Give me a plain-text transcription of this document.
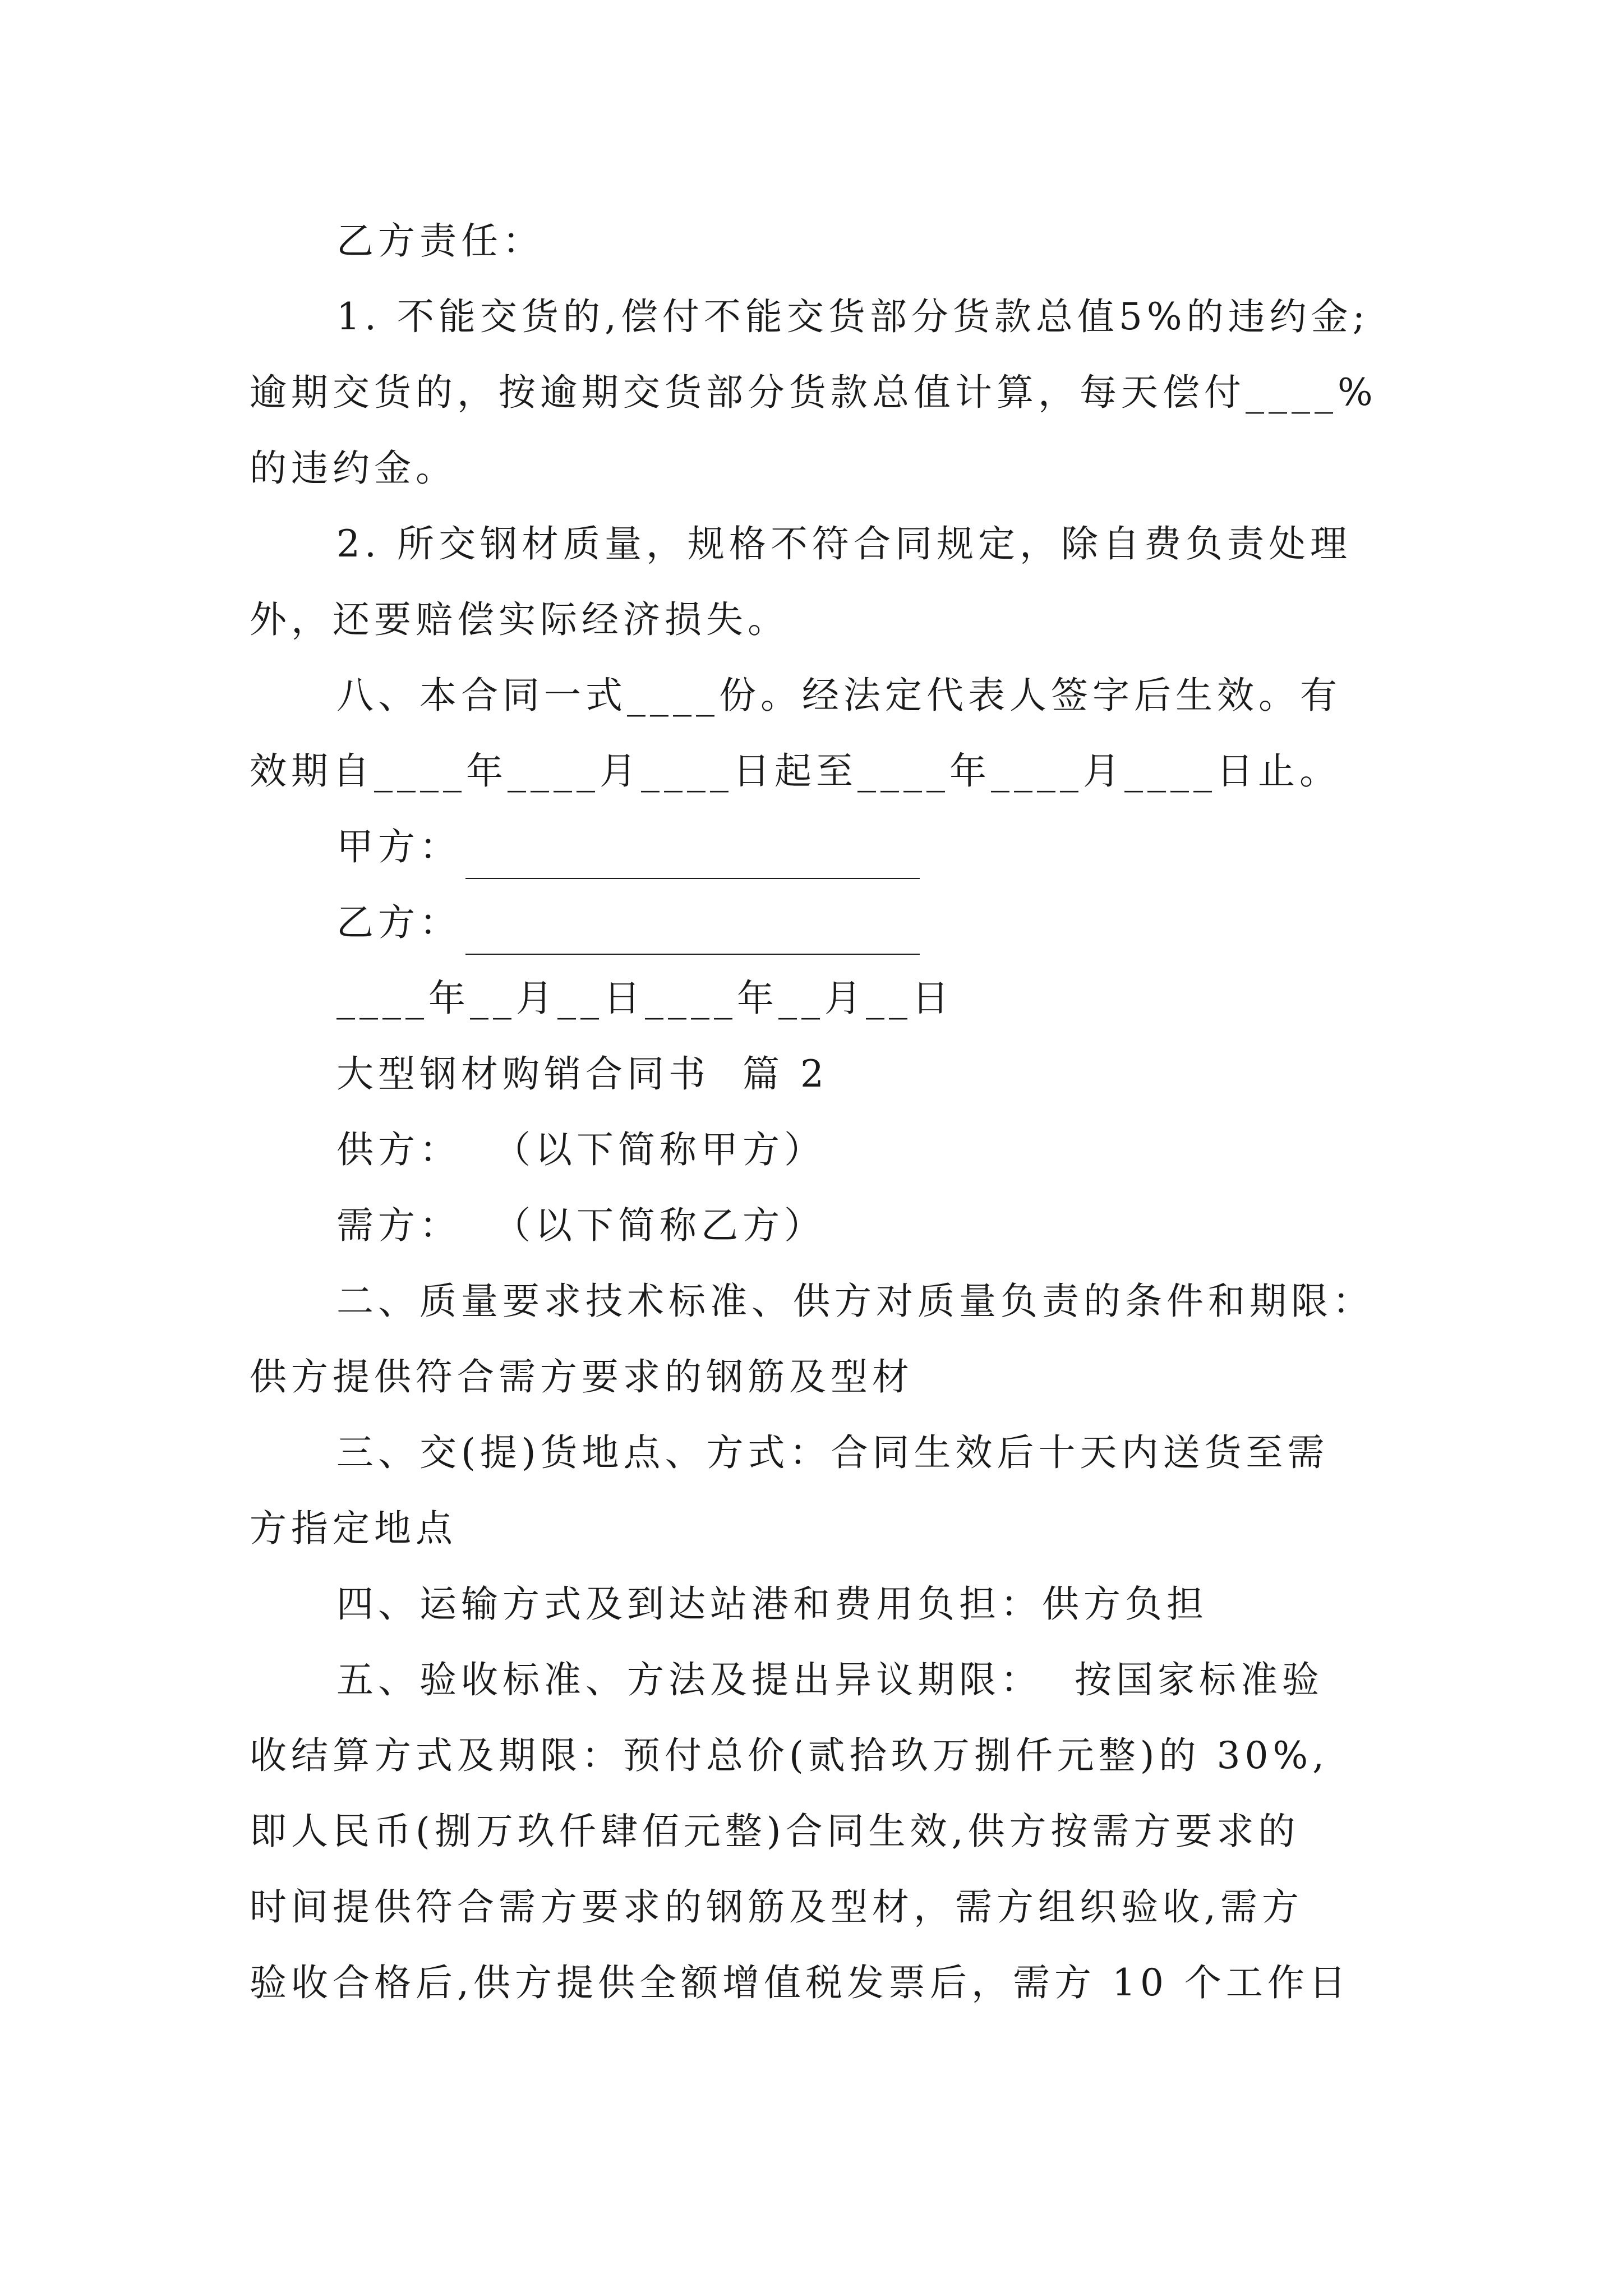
乙方责任：
1. 不能交货的,偿付不能交货部分货款总值5%的违约金;
逾期交货的，按逾期交货部分货款总值计算，每天偿付____%
的违约金。
2. 所交钢材质量，规格不符合同规定，除自费负责处理
外，还要赔偿实际经济损失。
八、本合同一式____份。经法定代表人签字后生效。有
效期自____年____月____日起至____年____月____日止。
甲方：
乙方：
____年__月__日____年__月__日
大型钢材购销合同书  篇 2
供方：  （以下简称甲方）
需方：  （以下简称乙方）
二、质量要求技术标准、供方对质量负责的条件和期限：
供方提供符合需方要求的钢筋及型材
三、交(提)货地点、方式：合同生效后十天内送货至需
方指定地点
四、运输方式及到达站港和费用负担：供方负担
五、验收标准、方法及提出异议期限：  按国家标准验
收结算方式及期限：预付总价(贰拾玖万捌仟元整)的 30%,
即人民币(捌万玖仟肆佰元整)合同生效,供方按需方要求的
时间提供符合需方要求的钢筋及型材，需方组织验收,需方
验收合格后,供方提供全额增值税发票后，需方 10 个工作日
